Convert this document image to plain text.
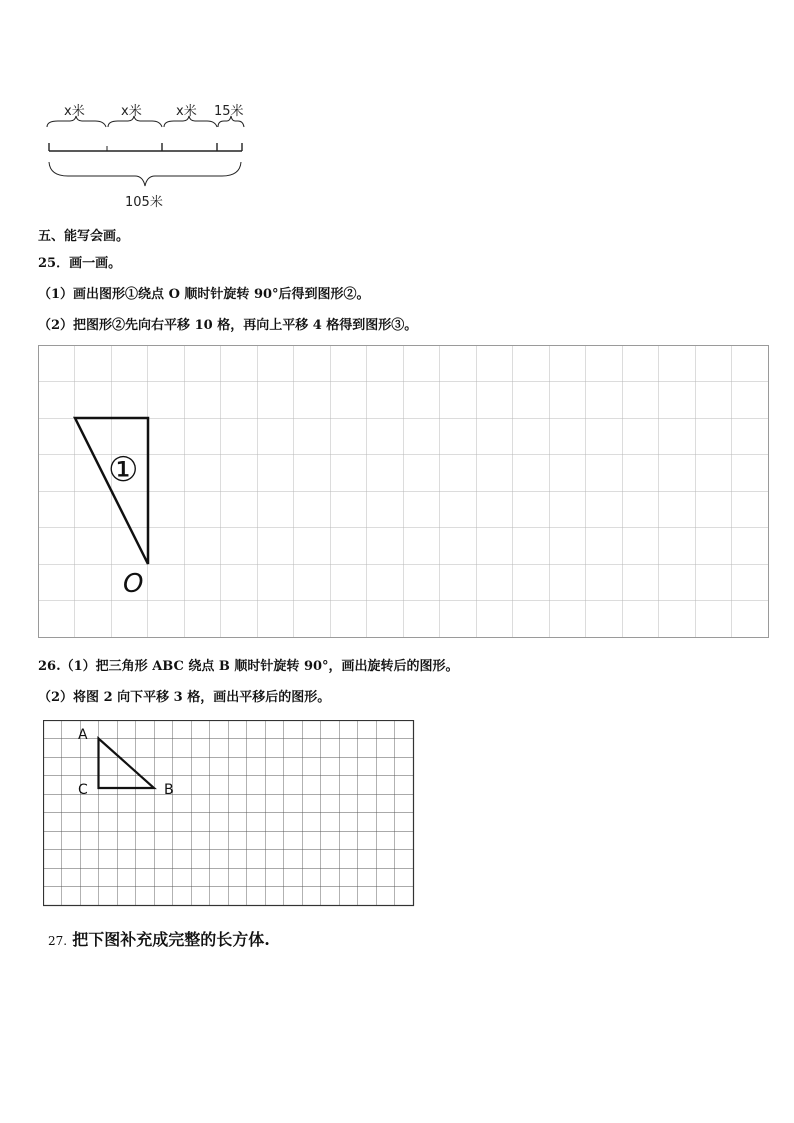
x米	x米	x米 15米
105米
五、能写会画。
25．画一画。
（1）画出图形①绕点 O 顺时针旋转 90°后得到图形②。
（2）把图形②先向右平移 10 格，再向上平移 4 格得到图形③。
①
O
26.（1）把三角形 ABC 绕点 B 顺时针旋转 90°，画出旋转后的图形。
（2）将图 2 向下平移 3 格，画出平移后的图形。
A
C	B
27. 把下图补充成完整的长方体.
